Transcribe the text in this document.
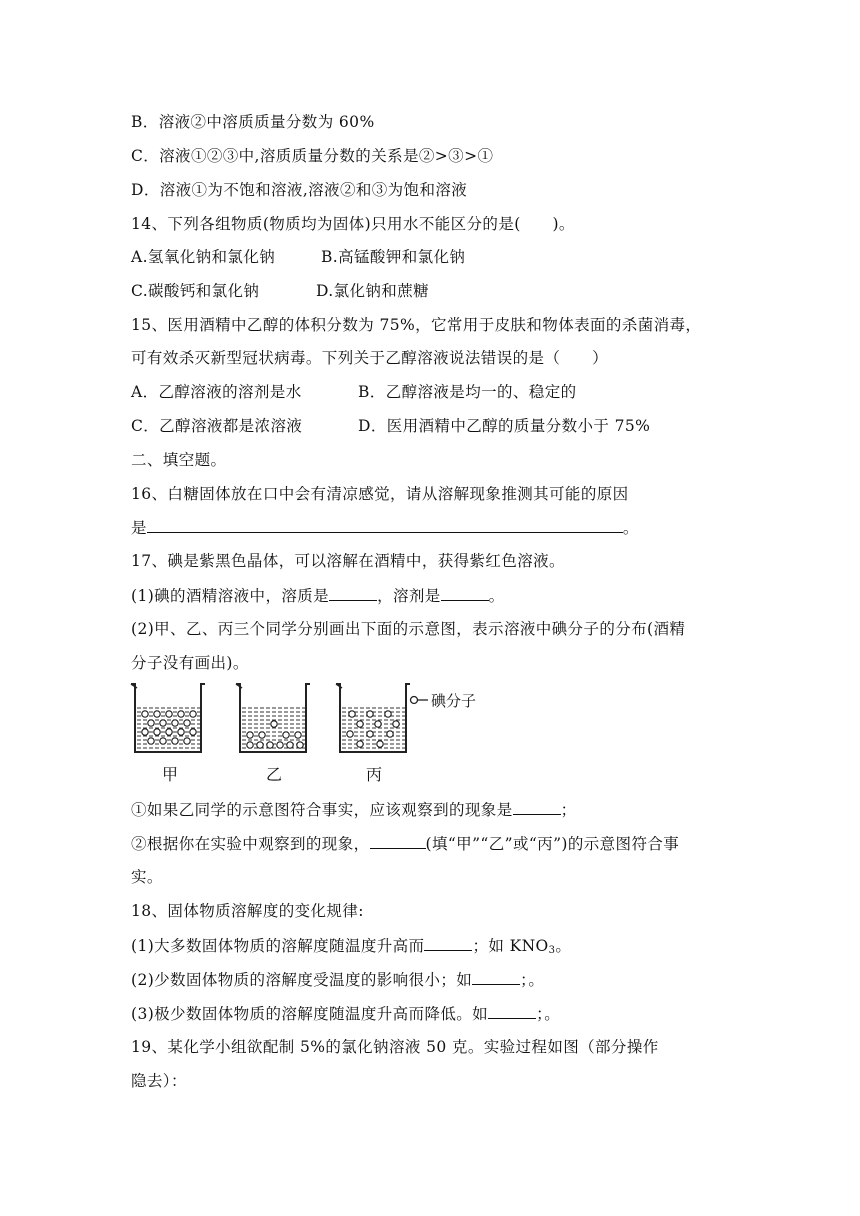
B．溶液②中溶质质量分数为 60%
C．溶液①②③中,溶质质量分数的关系是②>③>①
D．溶液①为不饱和溶液,溶液②和③为饱和溶液
14、下列各组物质(物质均为固体)只用水不能区分的是(　　)。
A.氢氧化钠和氯化钠	B.高锰酸钾和氯化钠
C.碳酸钙和氯化钠	D.氯化钠和蔗糖
15、医用酒精中乙醇的体积分数为 75%，它常用于皮肤和物体表面的杀菌消毒，
可有效杀灭新型冠状病毒。下列关于乙醇溶液说法错误的是（　　）
A．乙醇溶液的溶剂是水	B．乙醇溶液是均一的、稳定的
C．乙醇溶液都是浓溶液	D．医用酒精中乙醇的质量分数小于 75%
二、填空题。
16、白糖固体放在口中会有清凉感觉，请从溶解现象推测其可能的原因
是	。
17、碘是紫黑色晶体，可以溶解在酒精中，获得紫红色溶液。
(1)碘的酒精溶液中，溶质是	，溶剂是	。
(2)甲、乙、丙三个同学分别画出下面的示意图，表示溶液中碘分子的分布(酒精
分子没有画出)。
甲	乙	丙
碘分子
①如果乙同学的示意图符合事实，应该观察到的现象是	；
②根据你在实验中观察到的现象，	(填“甲”“乙”或“丙”)的示意图符合事
实。
18、固体物质溶解度的变化规律:
(1)大多数固体物质的溶解度随温度升高而	；如 $KNO_3$。
(2)少数固体物质的溶解度受温度的影响很小；如	；。
(3)极少数固体物质的溶解度随温度升高而降低。如	；。
19、某化学小组欲配制 5%的氯化钠溶液 50 克。实验过程如图（部分操作
隐去）：
